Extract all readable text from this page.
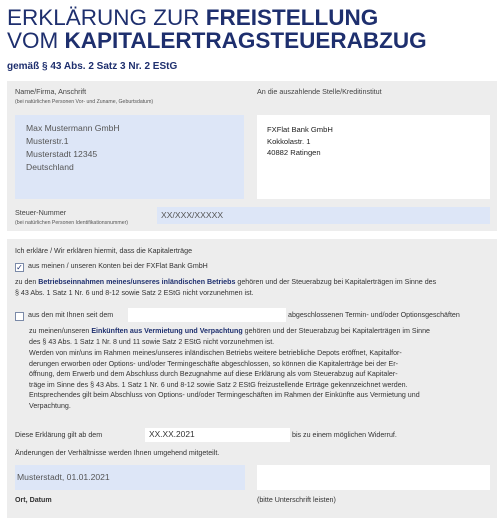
ERKLÄRUNG ZUR FREISTELLUNG
VOM KAPITALERTRAGSTEUERABZUG
gemäß § 43 Abs. 2 Satz 3 Nr. 2 EStG
Name/Firma, Anschrift
(bei natürlichen Personen Vor- und Zuname, Geburtsdatum)
Max Mustermann GmbH
Musterstr.1
Musterstadt 12345
Deutschland
An die auszahlende Stelle/Kreditinstitut
FXFlat Bank GmbH
Kokkolastr. 1
40882 Ratingen
Steuer-Nummer
(bei natürlichen Personen Identifikationsnummer)
XX/XXX/XXXXX
Ich erkläre / Wir erklären hiermit, dass die Kapitalerträge
✓ aus meinen / unseren Konten bei der FXFlat Bank GmbH
zu den Betriebseinnahmen meines/unseres inländischen Betriebs gehören und der Steuerabzug bei Kapitalerträgen im Sinne des
§ 43 Abs. 1 Satz 1 Nr. 6 und 8-12 sowie Satz 2 EStG nicht vorzunehmen ist.
aus den mit Ihnen seit dem	abgeschlossenen Termin- und/oder Optionsgeschäften
zu meinen/unseren Einkünften aus Vermietung und Verpachtung gehören und der Steuerabzug bei Kapitalerträgen im Sinne
des § 43 Abs. 1 Satz 1 Nr. 8 und 11 sowie Satz 2 EStG nicht vorzunehmen ist.
Werden von mir/uns im Rahmen meines/unseres inländischen Betriebs weitere betriebliche Depots eröffnet, Kapitalfor-
derungen erworben oder Options- und/oder Termingeschäfte abgeschlossen, so können die Kapitalerträge bei der Er-
öffnung, dem Erwerb und dem Abschluss durch Bezugnahme auf diese Erklärung als vom Steuerabzug auf Kapitaler-
träge im Sinne des § 43 Abs. 1 Satz 1 Nr. 6 und 8-12 sowie Satz 2 EStG freizustellende Erträge gekennzeichnet werden.
Entsprechendes gilt beim Abschluss von Options- und/oder Termingeschäften im Rahmen der Einkünfte aus Vermietung und
Verpachtung.
Diese Erklärung gilt ab dem	XX.XX.2021	bis zu einem möglichen Widerruf.
Änderungen der Verhältnisse werden Ihnen umgehend mitgeteilt.
Musterstadt, 01.01.2021
Ort, Datum	(bitte Unterschrift leisten)
